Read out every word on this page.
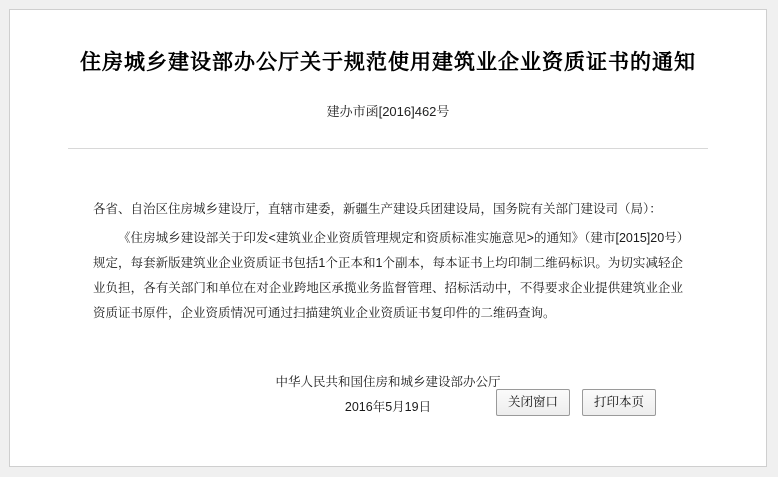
住房城乡建设部办公厅关于规范使用建筑业企业资质证书的通知
建办市函[2016]462号
各省、自治区住房城乡建设厅，直辖市建委，新疆生产建设兵团建设局，国务院有关部门建设司（局）：
《住房城乡建设部关于印发<建筑业企业资质管理规定和资质标准实施意见>的通知》（建市[2015]20号）规定，每套新版建筑业企业资质证书包括1个正本和1个副本，每本证书上均印制二维码标识。为切实减轻企业负担，各有关部门和单位在对企业跨地区承揽业务监督管理、招标活动中，不得要求企业提供建筑业企业资质证书原件，企业资质情况可通过扫描建筑业企业资质证书复印件的二维码查询。
中华人民共和国住房和城乡建设部办公厅
2016年5月19日	关闭窗口	打印本页
